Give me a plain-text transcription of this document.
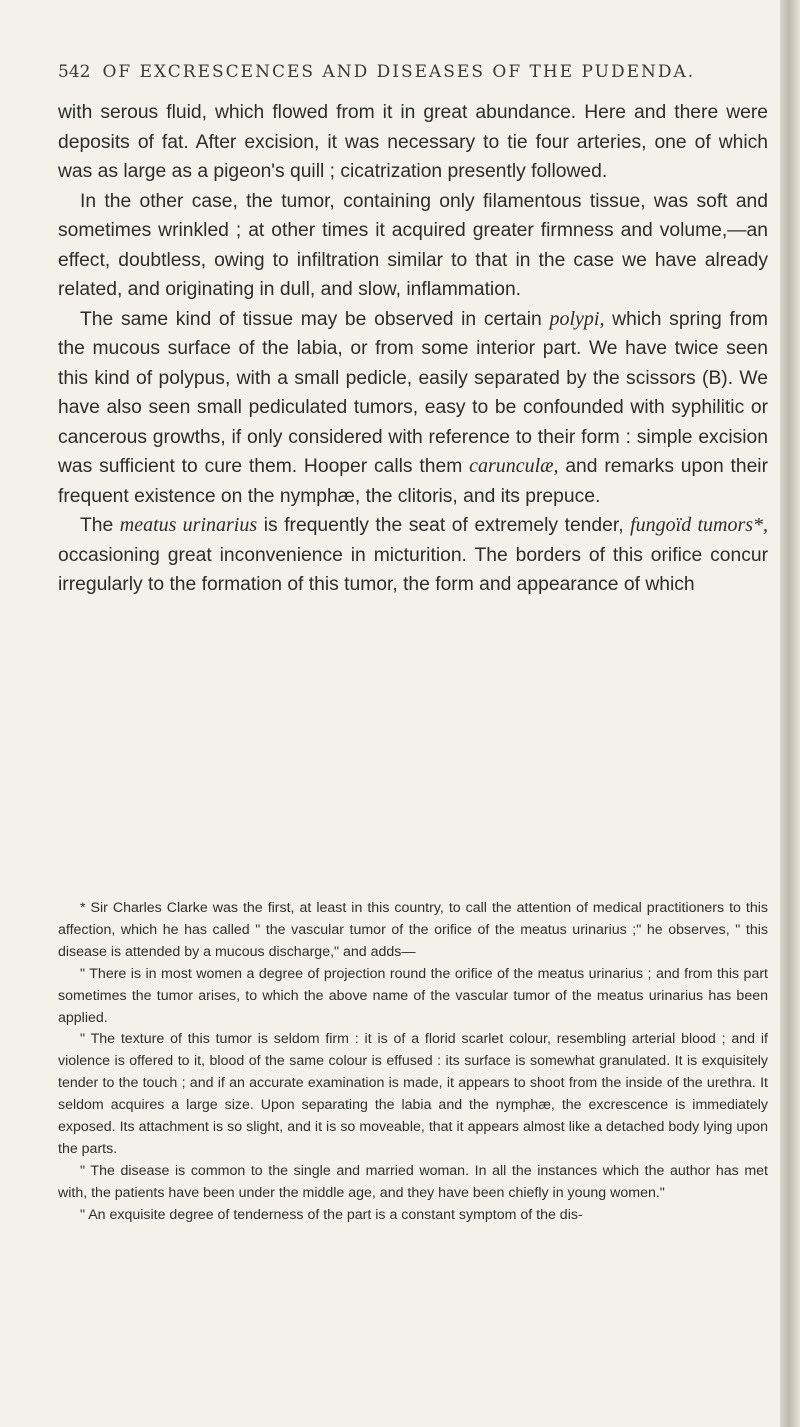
542 OF EXCRESCENCES AND DISEASES OF THE PUDENDA.

with serous fluid, which flowed from it in great abundance. Here and there were deposits of fat. After excision, it was necessary to tie four arteries, one of which was as large as a pigeon's quill ; cicatrization presently followed.

In the other case, the tumor, containing only filamentous tissue, was soft and sometimes wrinkled ; at other times it acquired greater firmness and volume,—an effect, doubtless, owing to infiltration similar to that in the case we have already related, and originating in dull, and slow, inflammation.

The same kind of tissue may be observed in certain polypi, which spring from the mucous surface of the labia, or from some interior part. We have twice seen this kind of polypus, with a small pedicle, easily separated by the scissors (B). We have also seen small pediculated tumors, easy to be confounded with syphilitic or cancerous growths, if only considered with reference to their form : simple excision was sufficient to cure them. Hooper calls them carunculæ, and remarks upon their frequent existence on the nymphæ, the clitoris, and its prepuce.

The meatus urinarius is frequently the seat of extremely tender, fungoïd tumors*, occasioning great inconvenience in micturition. The borders of this orifice concur irregularly to the formation of this tumor, the form and appearance of which

* Sir Charles Clarke was the first, at least in this country, to call the attention of medical practitioners to this affection, which he has called " the vascular tumor of the orifice of the meatus urinarius ;" he observes, " this disease is attended by a mucous discharge," and adds—

" There is in most women a degree of projection round the orifice of the meatus urinarius ; and from this part sometimes the tumor arises, to which the above name of the vascular tumor of the meatus urinarius has been applied.

" The texture of this tumor is seldom firm : it is of a florid scarlet colour, resembling arterial blood ; and if violence is offered to it, blood of the same colour is effused : its surface is somewhat granulated. It is exquisitely tender to the touch ; and if an accurate examination is made, it appears to shoot from the inside of the urethra. It seldom acquires a large size. Upon separating the labia and the nymphæ, the excrescence is immediately exposed. Its attachment is so slight, and it is so moveable, that it appears almost like a detached body lying upon the parts.

" The disease is common to the single and married woman. In all the instances which the author has met with, the patients have been under the middle age, and they have been chiefly in young women."

" An exquisite degree of tenderness of the part is a constant symptom of the dis-
